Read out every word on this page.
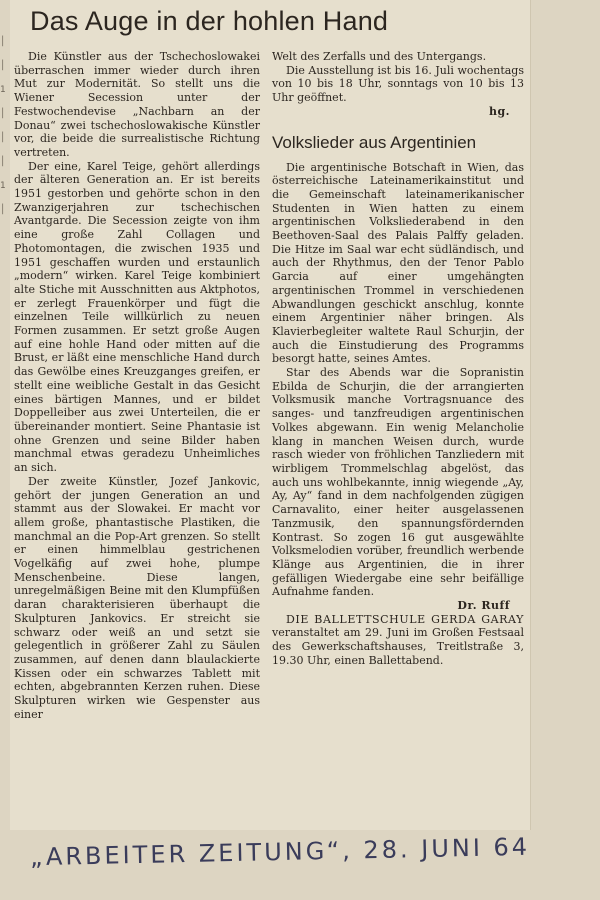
│
│
1
│
│
│
1
│
Das Auge in der hohlen Hand

Die Künstler aus der Tschechoslowakei überraschen immer wieder durch ihren Mut zur Modernität. So stellt uns die Wiener Secession unter der Festwochendevise „Nachbarn an der Donau“ zwei tschechoslowakische Künstler vor, die beide die surrealistische Richtung vertreten.

Der eine, Karel Teige, gehört allerdings der älteren Generation an. Er ist bereits 1951 gestorben und gehörte schon in den Zwanzigerjahren zur tschechischen Avantgarde. Die Secession zeigte von ihm eine große Zahl Collagen und Photomontagen, die zwischen 1935 und 1951 geschaffen wurden und erstaunlich „modern“ wirken. Karel Teige kombiniert alte Stiche mit Ausschnitten aus Aktphotos, er zerlegt Frauenkörper und fügt die einzelnen Teile willkürlich zu neuen Formen zusammen. Er setzt große Augen auf eine hohle Hand oder mitten auf die Brust, er läßt eine menschliche Hand durch das Gewölbe eines Kreuzganges greifen, er stellt eine weibliche Gestalt in das Gesicht eines bärtigen Mannes, und er bildet Doppelleiber aus zwei Unterteilen, die er übereinander montiert. Seine Phantasie ist ohne Grenzen und seine Bilder haben manchmal etwas geradezu Unheimliches an sich.

Der zweite Künstler, Jozef Jankovic, gehört der jungen Generation an und stammt aus der Slowakei. Er macht vor allem große, phantastische Plastiken, die manchmal an die Pop-Art grenzen. So stellt er einen himmelblau gestrichenen Vogelkäfig auf zwei hohe, plumpe Menschenbeine. Diese langen, unregelmäßigen Beine mit den Klumpfüßen daran charakterisieren überhaupt die Skulpturen Jankovics. Er streicht sie schwarz oder weiß an und setzt sie gelegentlich in größerer Zahl zu Säulen zusammen, auf denen dann blaulackierte Kissen oder ein schwarzes Tablett mit echten, abgebrannten Kerzen ruhen. Diese Skulpturen wirken wie Gespenster aus einer

Welt des Zerfalls und des Untergangs.

Die Ausstellung ist bis 16. Juli wochentags von 10 bis 18 Uhr, sonntags von 10 bis 13 Uhr geöffnet.

hg.

Volkslieder aus Argentinien

Die argentinische Botschaft in Wien, das österreichische Lateinamerikainstitut und die Gemeinschaft lateinamerikanischer Studenten in Wien hatten zu einem argentinischen Volksliederabend in den Beethoven-Saal des Palais Palffy geladen. Die Hitze im Saal war echt südländisch, und auch der Rhythmus, den der Tenor Pablo Garcia auf einer umgehängten argentinischen Trommel in verschiedenen Abwandlungen geschickt anschlug, konnte einem Argentinier näher bringen. Als Klavierbegleiter waltete Raul Schurjin, der auch die Einstudierung des Programms besorgt hatte, seines Amtes.

Star des Abends war die Sopranistin Ebilda de Schurjin, die der arrangierten Volksmusik manche Vortragsnuance des sanges- und tanzfreudigen argentinischen Volkes abgewann. Ein wenig Melancholie klang in manchen Weisen durch, wurde rasch wieder von fröhlichen Tanzliedern mit wirbligem Trommelschlag abgelöst, das auch uns wohlbekannte, innig wiegende „Ay, Ay, Ay“ fand in dem nachfolgenden zügigen Carnavalito, einer heiter ausgelassenen Tanzmusik, den spannungsfördernden Kontrast. So zogen 16 gut ausgewählte Volksmelodien vorüber, freundlich werbende Klänge aus Argentinien, die in ihrer gefälligen Wiedergabe eine sehr beifällige Aufnahme fanden.

Dr. Ruff

DIE BALLETTSCHULE GERDA GARAY veranstaltet am 29. Juni im Großen Festsaal des Gewerkschaftshauses, Treitlstraße 3, 19.30 Uhr, einen Ballettabend.

„ARBEITER ZEITUNG“, 28. JUNI 64
